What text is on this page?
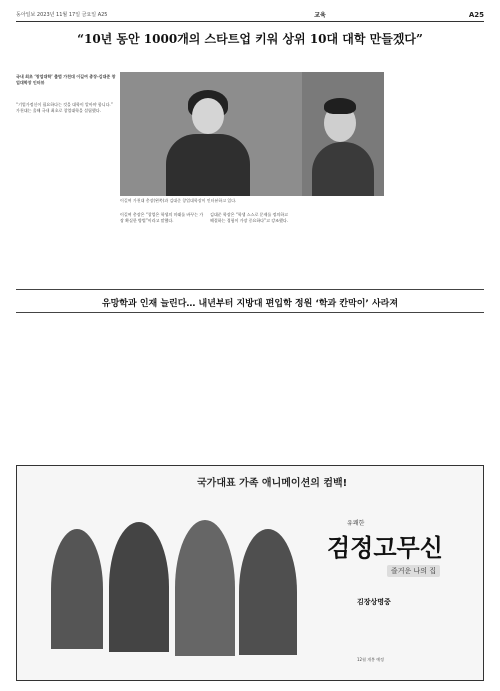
동아일보 2023년 11월 17일 금요일 A25	교육	A25
“10년 동안 1000개의 스타트업 키워 상위 10대 대학 만들겠다”
국내 최초 ‘창업대학’ 출범 가천대 이길여 총장-김대준 창업대학장 인터뷰
“기업가정신이 필요하다는 것을 대학이 알아야 합니다.” 가천대는 올해 국내 최초로 창업대학을 설립했다.
이길여 총장은 “창업은 학생의 미래를 바꾸는 가장 확실한 방법”이라고 말했다.
김대준 학장은 “학생 스스로 문제를 정의하고 해결하는 경험이 가장 중요하다”고 강조했다.
이길여 가천대 총장(왼쪽)과 김대준 창업대학장이 인터뷰하고 있다.
유망학과 인재 늘린다… 내년부터 지방대 편입학 정원 ‘학과 칸막이’ 사라져
국가대표 가족 애니메이션의 컴백!
유쾌한
검정고무신
즐거운 나의 집
김장상명중
12월 개봉 예정
